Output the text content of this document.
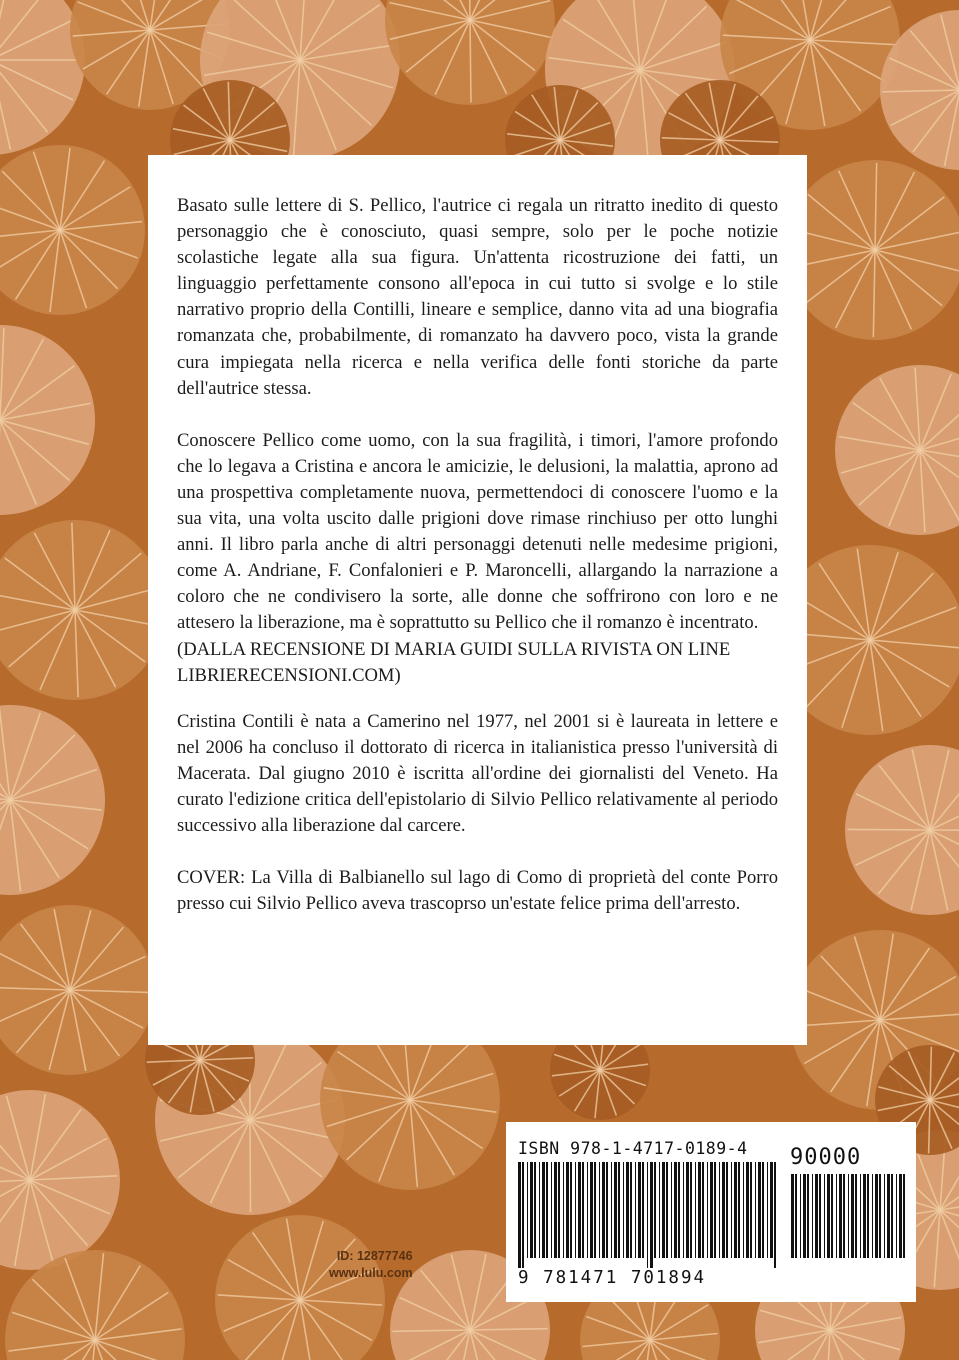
Basato sulle lettere di S. Pellico, l'autrice ci regala un ritratto inedito di questo personaggio che è conosciuto, quasi sempre, solo per le poche notizie scolastiche legate alla sua figura. Un'attenta ricostruzione dei fatti, un linguaggio perfettamente consono all'epoca in cui tutto si svolge e lo stile narrativo proprio della Contilli, lineare e semplice, danno vita ad una biografia romanzata che, probabilmente, di romanzato ha davvero poco, vista la grande cura impiegata nella ricerca e nella verifica delle fonti storiche da parte dell'autrice stessa.

Conoscere Pellico come uomo, con la sua fragilità, i timori, l'amore profondo che lo legava a Cristina e ancora le amicizie, le delusioni, la malattia, aprono ad una prospettiva completamente nuova, permettendoci di conoscere l'uomo e la sua vita, una volta uscito dalle prigioni dove rimase rinchiuso per otto lunghi anni. Il libro parla anche di altri personaggi detenuti nelle medesime prigioni, come A. Andriane, F. Confalonieri e P. Maroncelli, allargando la narrazione a coloro che ne condivisero la sorte, alle donne che soffrirono con loro e ne attesero la liberazione, ma è soprattutto su Pellico che il romanzo è incentrato.

(DALLA RECENSIONE DI MARIA GUIDI SULLA RIVISTA ON LINE LIBRIERECENSIONI.COM)

Cristina Contili è nata a Camerino nel 1977, nel 2001 si è laureata in lettere e nel 2006 ha concluso il dottorato di ricerca in italianistica presso l'università di Macerata. Dal giugno 2010 è iscritta all'ordine dei giornalisti del Veneto. Ha curato l'edizione critica dell'epistolario di Silvio Pellico relativamente al periodo successivo alla liberazione dal carcere.

COVER: La Villa di Balbianello sul lago di Como di proprietà del conte Porro presso cui Silvio Pellico aveva trascoprso un'estate felice prima dell'arresto.

ID: 12877746
www.lulu.com
ISBN 978-1-4717-0189-4 90000
9 781471 701894
